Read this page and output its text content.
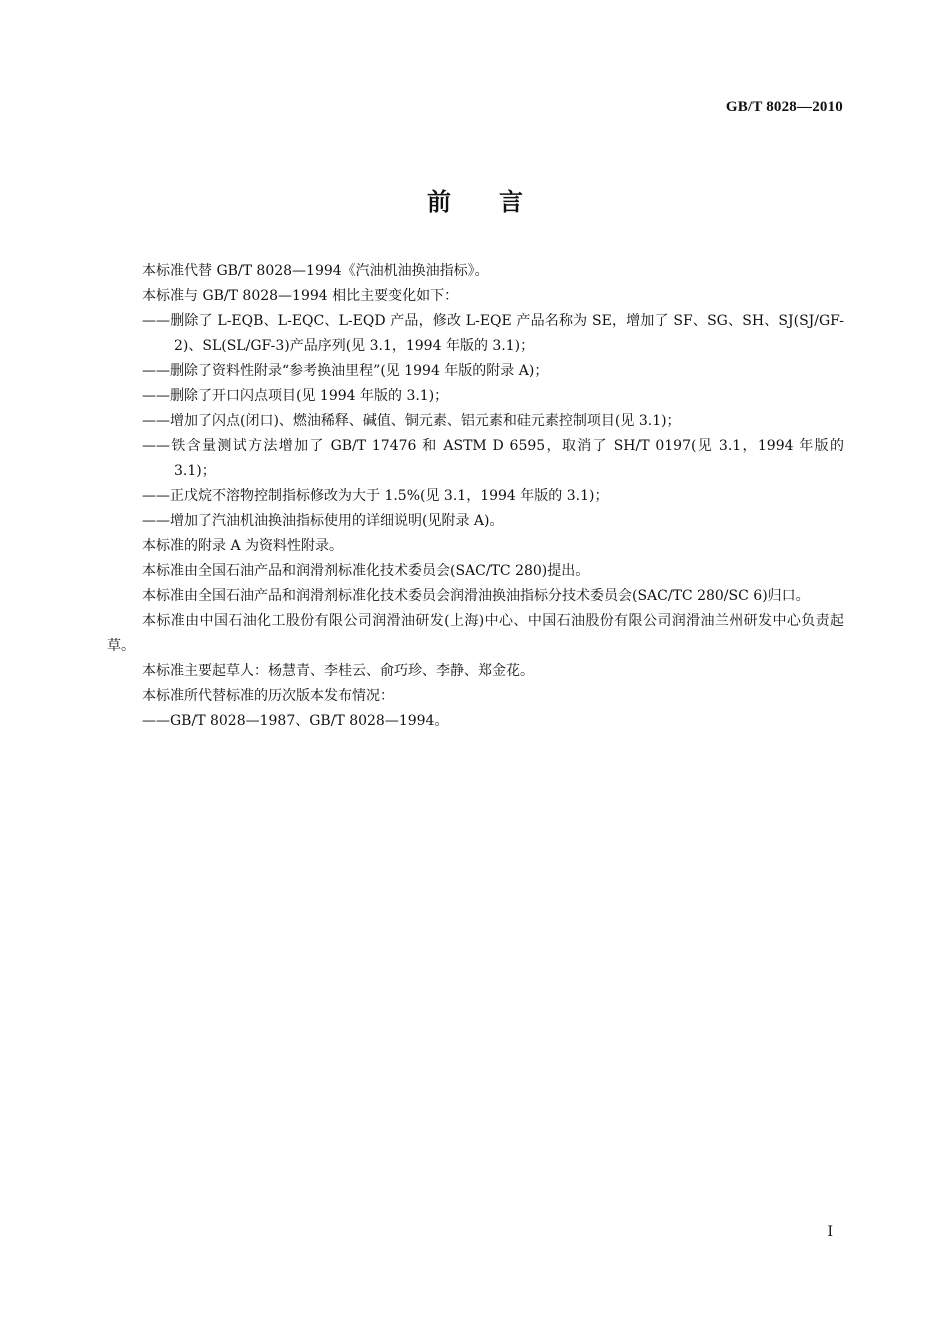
GB/T 8028—2010
前　　言

本标准代替 GB/T 8028—1994《汽油机油换油指标》。

本标准与 GB/T 8028—1994 相比主要变化如下：

——删除了 L-EQB、L-EQC、L-EQD 产品，修改 L-EQE 产品名称为 SE，增加了 SF、SG、SH、SJ(SJ/GF-2)、SL(SL/GF-3)产品序列(见 3.1，1994 年版的 3.1)；

——删除了资料性附录“参考换油里程”(见 1994 年版的附录 A)；

——删除了开口闪点项目(见 1994 年版的 3.1)；

——增加了闪点(闭口)、燃油稀释、碱值、铜元素、铝元素和硅元素控制项目(见 3.1)；

——铁含量测试方法增加了 GB/T 17476 和 ASTM D 6595，取消了 SH/T 0197(见 3.1，1994 年版的 3.1)；

——正戊烷不溶物控制指标修改为大于 1.5%(见 3.1，1994 年版的 3.1)；

——增加了汽油机油换油指标使用的详细说明(见附录 A)。

本标准的附录 A 为资料性附录。

本标准由全国石油产品和润滑剂标准化技术委员会(SAC/TC 280)提出。

本标准由全国石油产品和润滑剂标准化技术委员会润滑油换油指标分技术委员会(SAC/TC 280/SC 6)归口。

本标准由中国石油化工股份有限公司润滑油研发(上海)中心、中国石油股份有限公司润滑油兰州研发中心负责起草。

本标准主要起草人：杨慧青、李桂云、俞巧珍、李静、郑金花。

本标准所代替标准的历次版本发布情况：

——GB/T 8028—1987、GB/T 8028—1994。

I
